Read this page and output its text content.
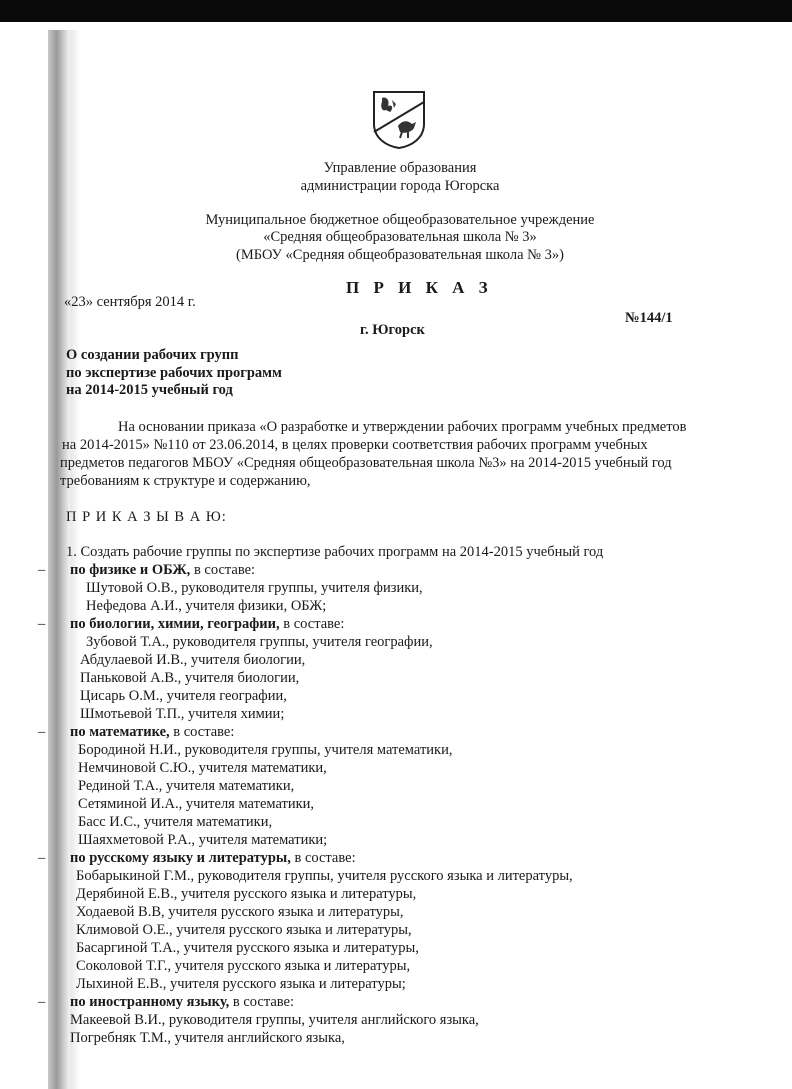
Управление образования
администрации города Югорска
Муниципальное бюджетное общеобразовательное учреждение
«Средняя общеобразовательная школа № 3»
(МБОУ «Средняя общеобразовательная школа № 3»)
П Р И К А З
«23» сентября 2014 г.
№144/1
г. Югорск
О создании рабочих групп
по экспертизе рабочих программ
на 2014-2015 учебный год
На основании приказа «О разработке и утверждении рабочих программ учебных предметов
на 2014-2015» №110 от 23.06.2014, в целях проверки соответствия рабочих программ учебных
предметов педагогов МБОУ «Средняя общеобразовательная школа №3» на 2014-2015 учебный год
требованиям к структуре и содержанию,
П Р И К А З Ы В А Ю:
1. Создать рабочие группы по экспертизе рабочих программ на 2014-2015 учебный год
– по физике и ОБЖ, в составе:
Шутовой О.В., руководителя группы, учителя физики,
Нефедова А.И., учителя физики, ОБЖ;
– по биологии, химии, географии, в составе:
Зубовой Т.А., руководителя группы, учителя географии,
Абдулаевой И.В., учителя биологии,
Паньковой А.В., учителя биологии,
Цисарь О.М., учителя географии,
Шмотьевой Т.П., учителя химии;
– по математике, в составе:
Бородиной Н.И., руководителя группы, учителя математики,
Немчиновой С.Ю., учителя математики,
Рединой Т.А., учителя математики,
Сетяминой И.А., учителя математики,
Басс И.С., учителя математики,
Шаяхметовой Р.А., учителя математики;
– по русскому языку и литературы, в составе:
Бобарыкиной Г.М., руководителя группы, учителя русского языка и литературы,
Дерябиной Е.В., учителя русского языка и литературы,
Ходаевой В.В, учителя русского языка и литературы,
Климовой О.Е., учителя русского языка и литературы,
Басаргиной Т.А., учителя русского языка и литературы,
Соколовой Т.Г., учителя русского языка и литературы,
Лыхиной Е.В., учителя русского языка и литературы;
– по иностранному языку, в составе:
Макеевой В.И., руководителя группы, учителя английского языка,
Погребняк Т.М., учителя английского языка,
